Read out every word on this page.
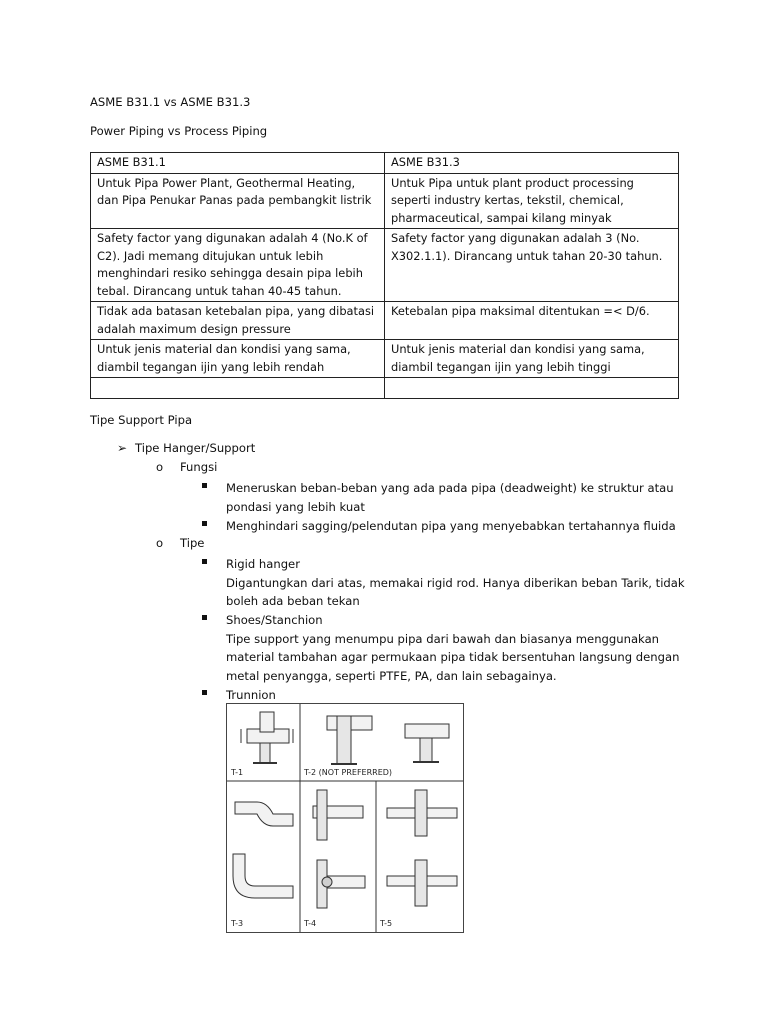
ASME B31.1 vs ASME B31.3
Power Piping vs Process Piping
ASME B31.1	ASME B31.3

Untuk Pipa Power Plant, Geothermal Heating,
dan Pipa Penukar Panas pada pembangkit listrik	Untuk Pipa untuk plant product processing
seperti industry kertas, tekstil, chemical,
pharmaceutical, sampai kilang minyak

Safety factor yang digunakan adalah 4 (No.K of
C2). Jadi memang ditujukan untuk lebih
menghindari resiko sehingga desain pipa lebih
tebal. Dirancang untuk tahan 40-45 tahun.	Safety factor yang digunakan adalah 3 (No.
X302.1.1). Dirancang untuk tahan 20-30 tahun.

Tidak ada batasan ketebalan pipa, yang dibatasi
adalah maximum design pressure	Ketebalan pipa maksimal ditentukan =< D/6.

Untuk jenis material dan kondisi yang sama,
diambil tegangan ijin yang lebih rendah	Untuk jenis material dan kondisi yang sama,
diambil tegangan ijin yang lebih tinggi

Tipe Support Pipa
➢ Tipe Hanger/Support
o Fungsi
Meneruskan beban-beban yang ada pada pipa (deadweight) ke struktur atau
pondasi yang lebih kuat
Menghindari sagging/pelendutan pipa yang menyebabkan tertahannya fluida
o Tipe
Rigid hanger
Digantungkan dari atas, memakai rigid rod. Hanya diberikan beban Tarik, tidak
boleh ada beban tekan
Shoes/Stanchion
Tipe support yang menumpu pipa dari bawah dan biasanya menggunakan
material tambahan agar permukaan pipa tidak bersentuhan langsung dengan
metal penyangga, seperti PTFE, PA, dan lain sebagainya.
Trunnion
T-1	T-2 (NOT PREFERRED)
T-3	T-4	T-5
